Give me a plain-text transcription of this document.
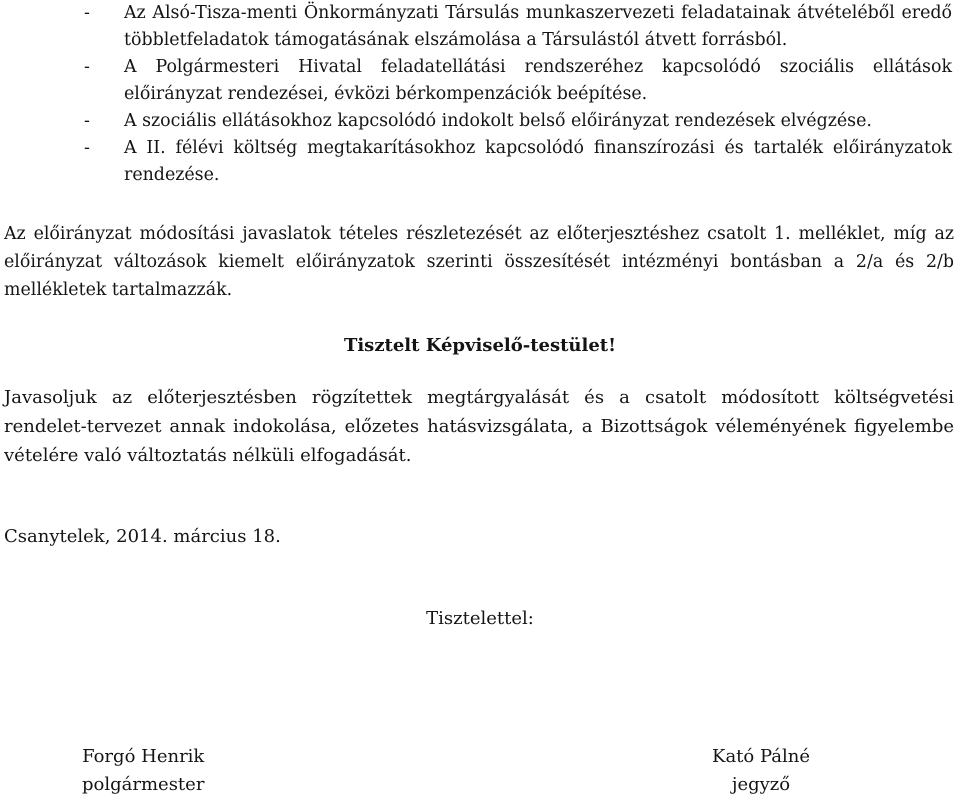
- Az Alsó-Tisza-menti Önkormányzati Társulás munkaszervezeti feladatainak átvételéből eredő többletfeladatok támogatásának elszámolása a Társulástól átvett forrásból.
- A Polgármesteri Hivatal feladatellátási rendszeréhez kapcsolódó szociális ellátások előirányzat rendezései, évközi bérkompenzációk beépítése.
- A szociális ellátásokhoz kapcsolódó indokolt belső előirányzat rendezések elvégzése.
- A II. félévi költség megtakarításokhoz kapcsolódó finanszírozási és tartalék előirányzatok rendezése.

Az előirányzat módosítási javaslatok tételes részletezését az előterjesztéshez csatolt 1. melléklet, míg az előirányzat változások kiemelt előirányzatok szerinti összesítését intézményi bontásban a 2/a és 2/b mellékletek tartalmazzák.

Tisztelt Képviselő-testület!

Javasoljuk az előterjesztésben rögzítettek megtárgyalását és a csatolt módosított költségvetési rendelet-tervezet annak indokolása, előzetes hatásvizsgálata, a Bizottságok véleményének figyelembe vételére való változtatás nélküli elfogadását.

Csanytelek, 2014. március 18.

Tisztelettel:

Forgó Henrik
polgármester
Kató Pálné
jegyző
